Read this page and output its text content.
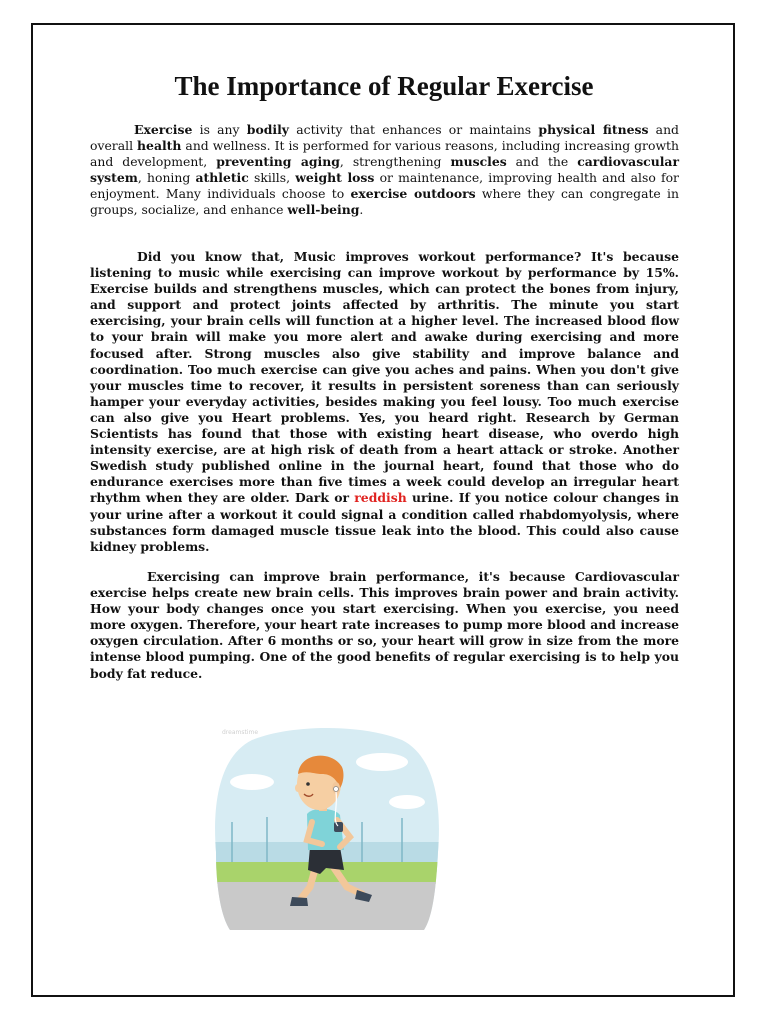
The Importance of Regular Exercise

Exercise is any bodily activity that enhances or maintains physical fitness and overall health and wellness. It is performed for various reasons, including increasing growth and development, preventing aging, strengthening muscles and the cardiovascular system, honing athletic skills, weight loss or maintenance, improving health and also for enjoyment. Many individuals choose to exercise outdoors where they can congregate in groups, socialize, and enhance well-being.

Did you know that, Music improves workout performance? It's because listening to music while exercising can improve workout by performance by 15%. Exercise builds and strengthens muscles, which can protect the bones from injury, and support and protect joints affected by arthritis. The minute you start exercising, your brain cells will function at a higher level. The increased blood flow to your brain will make you more alert and awake during exercising and more focused after. Strong muscles also give stability and improve balance and coordination. Too much exercise can give you aches and pains. When you don't give your muscles time to recover, it results in persistent soreness than can seriously hamper your everyday activities, besides making you feel lousy. Too much exercise can also give you Heart problems. Yes, you heard right. Research by German Scientists has found that those with existing heart disease, who overdo high intensity exercise, are at high risk of death from a heart attack or stroke. Another Swedish study published online in the journal heart, found that those who do endurance exercises more than five times a week could develop an irregular heart rhythm when they are older. Dark or reddish urine. If you notice colour changes in your urine after a workout it could signal a condition called rhabdomyolysis, where substances form damaged muscle tissue leak into the blood. This could also cause kidney problems.

Exercising can improve brain performance, it's because Cardiovascular exercise helps create new brain cells. This improves brain power and brain activity. How your body changes once you start exercising. When you exercise, you need more oxygen. Therefore, your heart rate increases to pump more blood and increase oxygen circulation. After 6 months or so, your heart will grow in size from the more intense blood pumping. One of the good benefits of regular exercising is to help you body fat reduce.

dreamstime
